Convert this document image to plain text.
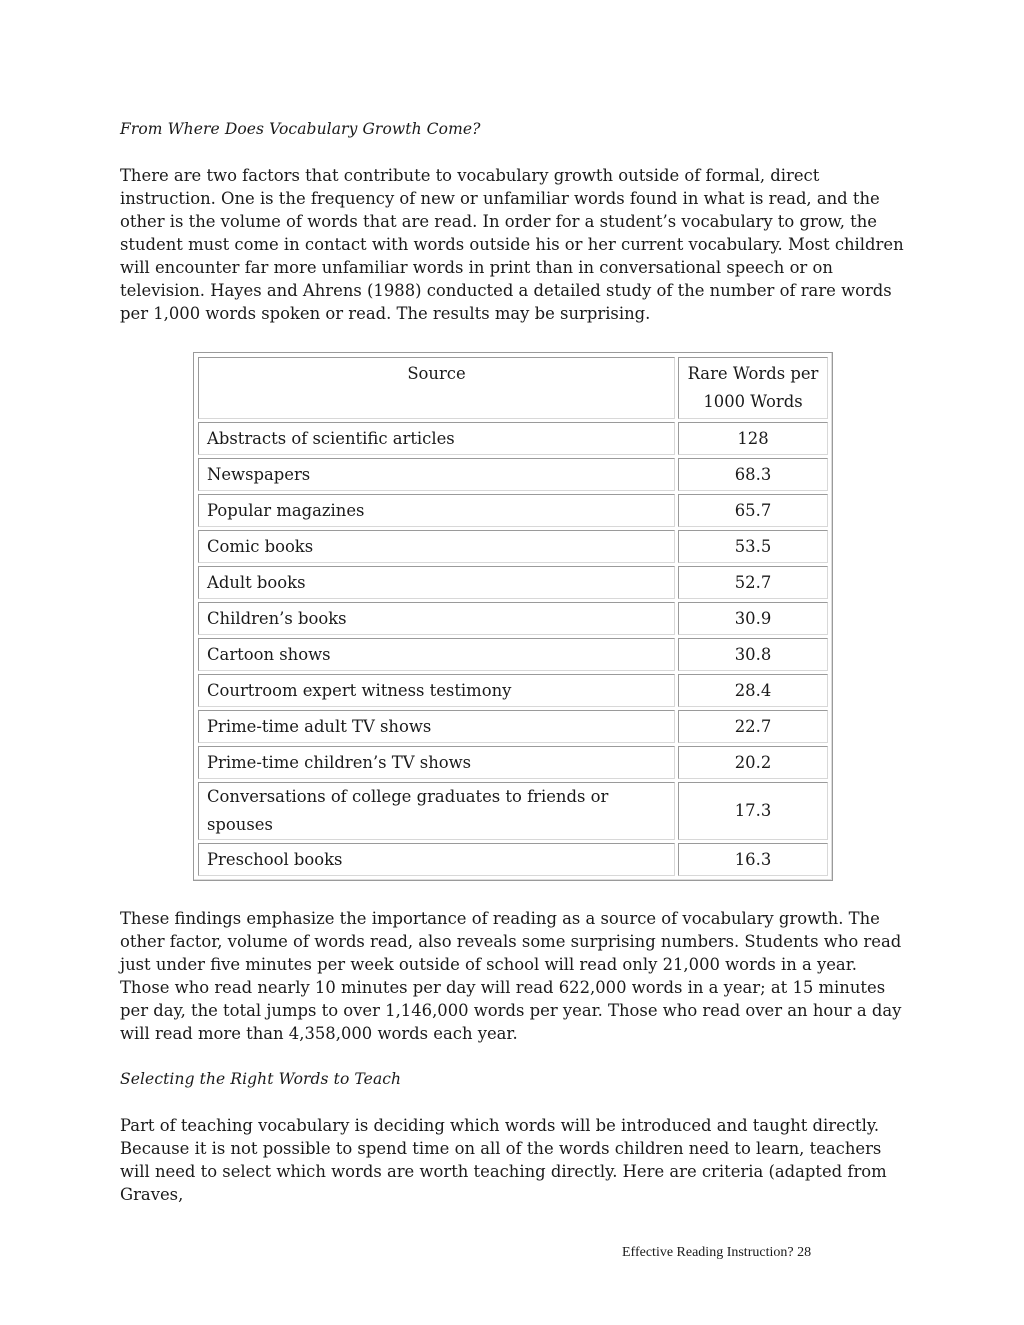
From Where Does Vocabulary Growth Come?

There are two factors that contribute to vocabulary growth outside of formal, direct instruction. One is the frequency of new or unfamiliar words found in what is read, and the other is the volume of words that are read. In order for a student’s vocabulary to grow, the student must come in contact with words outside his or her current vocabulary. Most children will encounter far more unfamiliar words in print than in conversational speech or on television. Hayes and Ahrens (1988) conducted a detailed study of the number of rare words per 1,000 words spoken or read. The results may be surprising.

Source	Rare Words per 1000 Words
Abstracts of scientific articles	128
Newspapers	68.3
Popular magazines	65.7
Comic books	53.5
Adult books	52.7
Children’s books	30.9
Cartoon shows	30.8
Courtroom expert witness testimony	28.4
Prime-time adult TV shows	22.7
Prime-time children’s TV shows	20.2
Conversations of college graduates to friends or spouses	17.3
Preschool books	16.3

These findings emphasize the importance of reading as a source of vocabulary growth. The other factor, volume of words read, also reveals some surprising numbers. Students who read just under five minutes per week outside of school will read only 21,000 words in a year. Those who read nearly 10 minutes per day will read 622,000 words in a year; at 15 minutes per day, the total jumps to over 1,146,000 words per year. Those who read over an hour a day will read more than 4,358,000 words each year.

Selecting the Right Words to Teach

Part of teaching vocabulary is deciding which words will be introduced and taught directly. Because it is not possible to spend time on all of the words children need to learn, teachers will need to select which words are worth teaching directly. Here are criteria (adapted from Graves,

Effective Reading Instruction? 28
